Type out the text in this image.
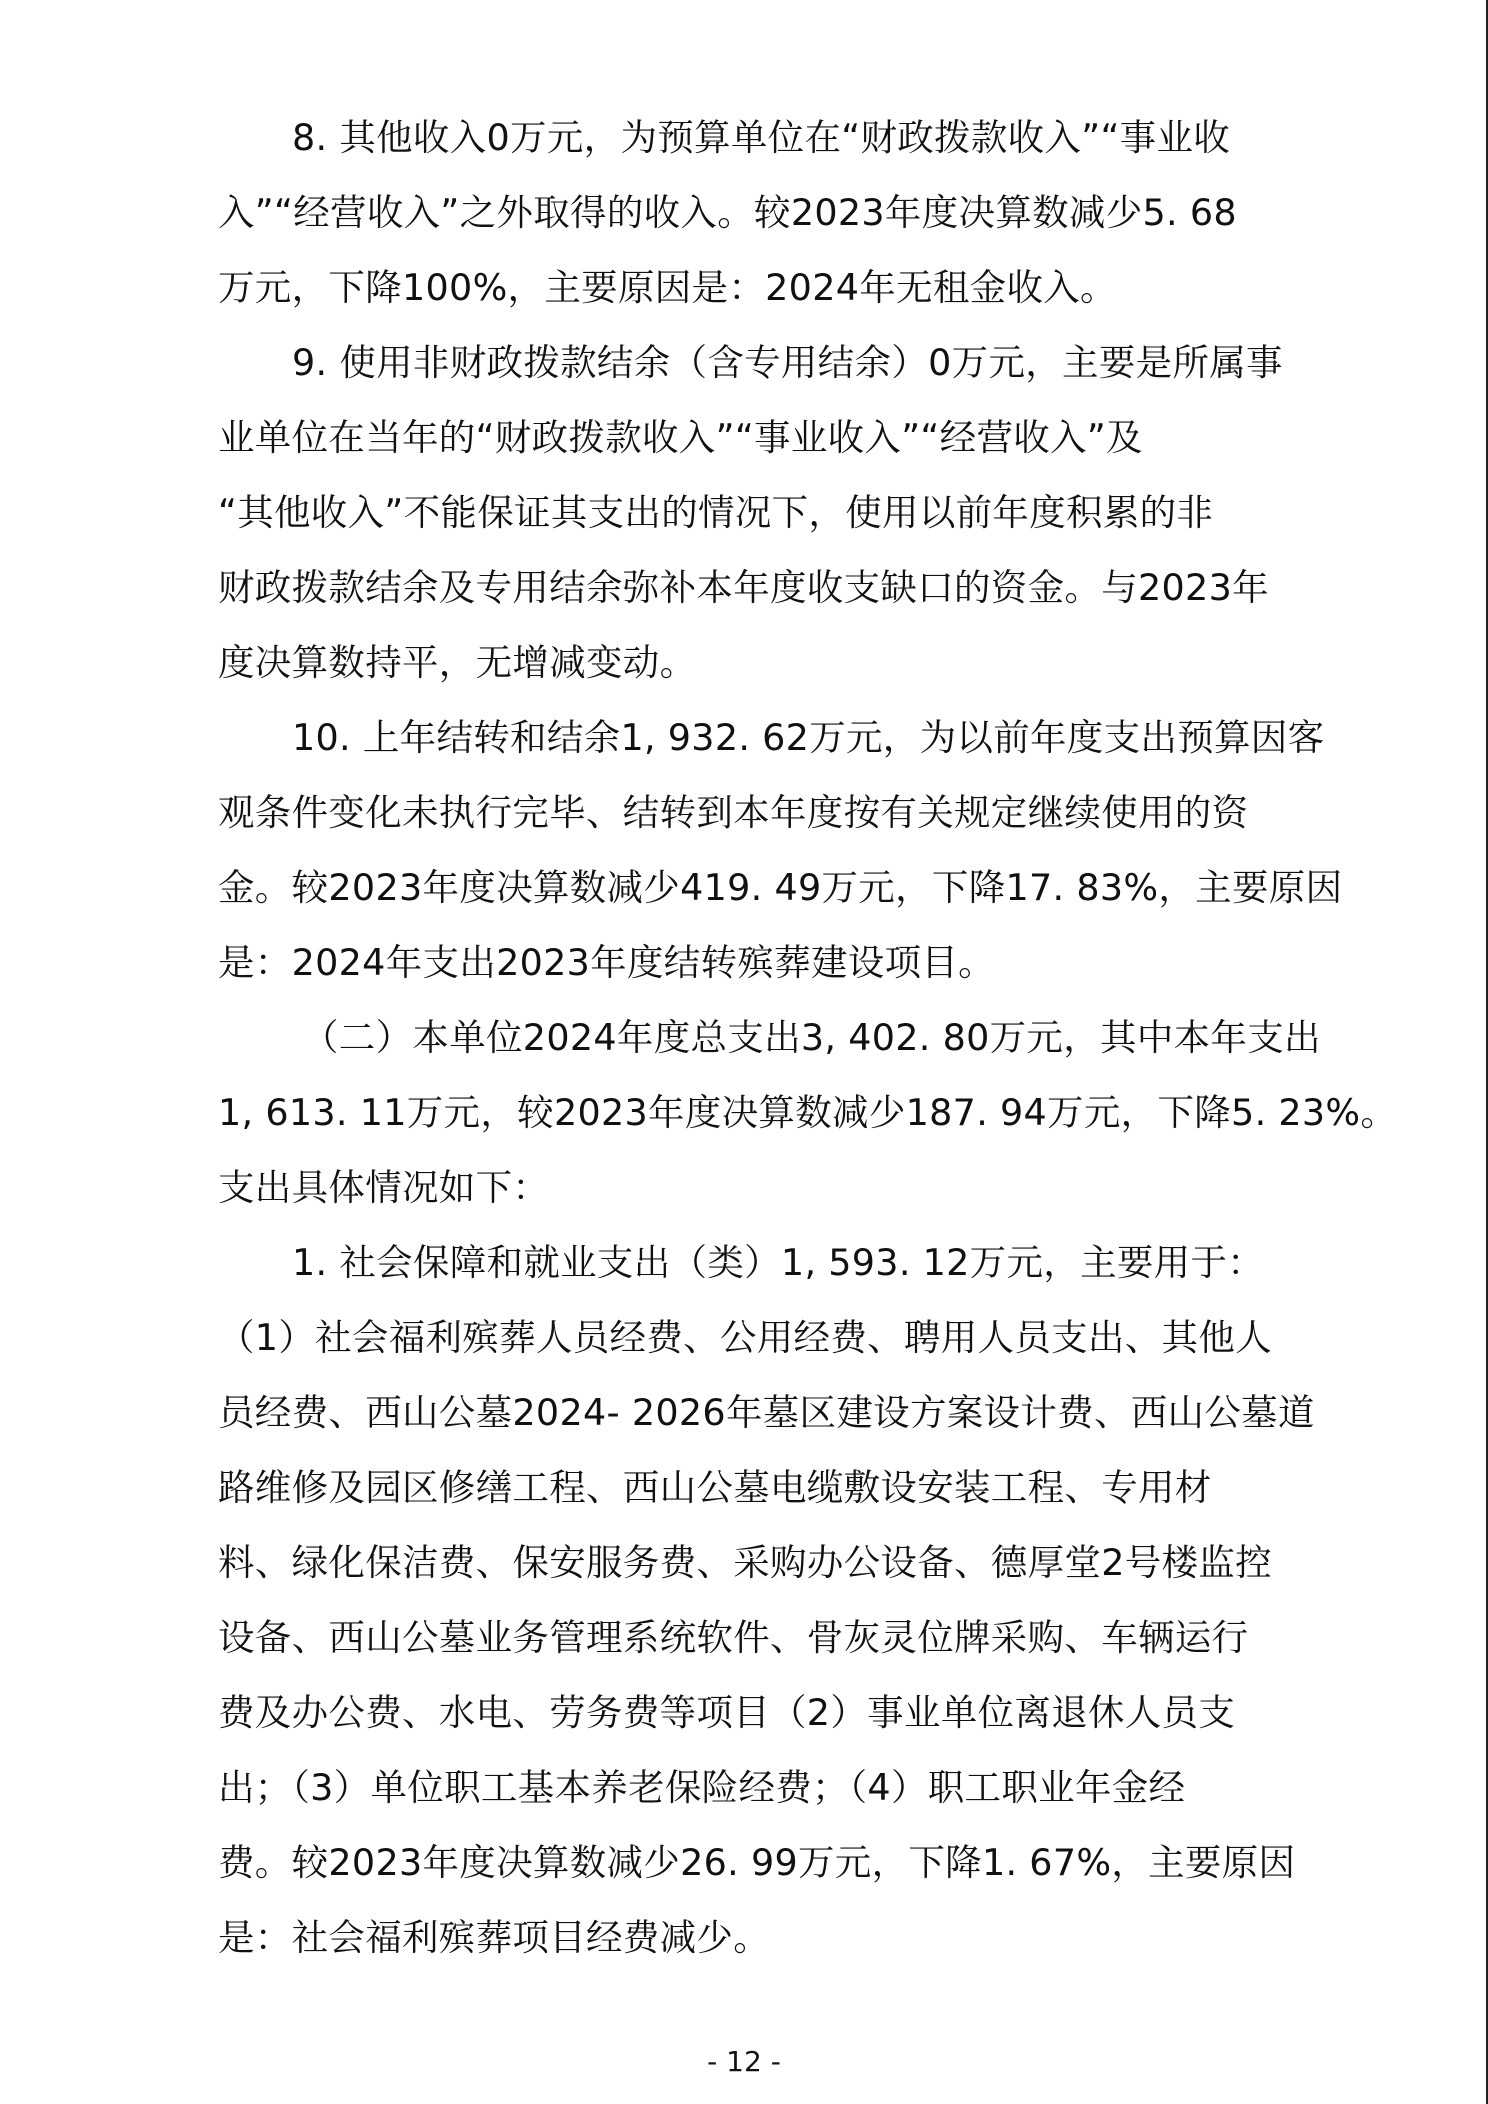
8. 其他收入0万元，为预算单位在“财政拨款收入”“事业收
入”“经营收入”之外取得的收入。较2023年度决算数减少5. 68
万元，下降100%，主要原因是：2024年无租金收入。
9. 使用非财政拨款结余（含专用结余）0万元，主要是所属事
业单位在当年的“财政拨款收入”“事业收入”“经营收入”及
“其他收入”不能保证其支出的情况下，使用以前年度积累的非
财政拨款结余及专用结余弥补本年度收支缺口的资金。与2023年
度决算数持平，无增减变动。
10. 上年结转和结余1, 932. 62万元，为以前年度支出预算因客
观条件变化未执行完毕、结转到本年度按有关规定继续使用的资
金。较2023年度决算数减少419. 49万元，下降17. 83%，主要原因
是：2024年支出2023年度结转殡葬建设项目。
（二）本单位2024年度总支出3, 402. 80万元，其中本年支出
1, 613. 11万元，较2023年度决算数减少187. 94万元，下降5. 23%。
支出具体情况如下：
1. 社会保障和就业支出（类）1, 593. 12万元，主要用于：
（1）社会福利殡葬人员经费、公用经费、聘用人员支出、其他人
员经费、西山公墓2024- 2026年墓区建设方案设计费、西山公墓道
路维修及园区修缮工程、西山公墓电缆敷设安装工程、专用材
料、绿化保洁费、保安服务费、采购办公设备、德厚堂2号楼监控
设备、西山公墓业务管理系统软件、骨灰灵位牌采购、车辆运行
费及办公费、水电、劳务费等项目（2）事业单位离退休人员支
出；（3）单位职工基本养老保险经费；（4）职工职业年金经
费。较2023年度决算数减少26. 99万元，下降1. 67%，主要原因
是：社会福利殡葬项目经费减少。
- 12 -
